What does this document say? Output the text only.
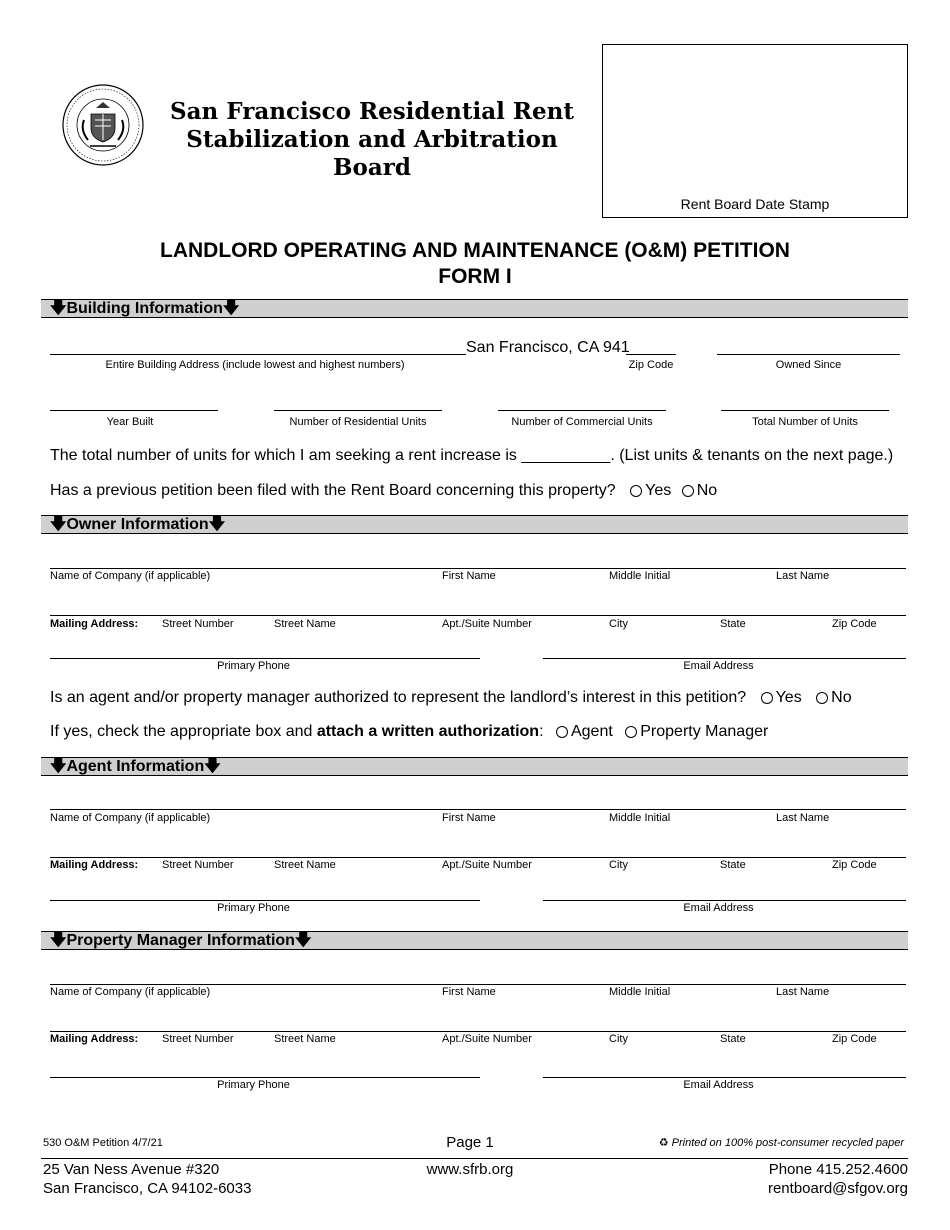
San Francisco Residential Rent
Stabilization and Arbitration Board
Rent Board Date Stamp
LANDLORD OPERATING AND MAINTENANCE (O&M) PETITION
FORM I
🡇Building Information🡇
San Francisco, CA 941
Entire Building Address (include lowest and highest numbers)	Zip Code	Owned Since
Year Built	Number of Residential Units	Number of Commercial Units	Total Number of Units
The total number of units for which I am seeking a rent increase is __________. (List units & tenants on the next page.)
Has a previous petition been filed with the Rent Board concerning this property? Yes No
🡇Owner Information🡇
Name of Company (if applicable)	First Name	Middle Initial	Last Name
Mailing Address: Street Number	Street Name	Apt./Suite Number	City	State	Zip Code
Primary Phone	Email Address
Is an agent and/or property manager authorized to represent the landlord’s interest in this petition? Yes No
If yes, check the appropriate box and attach a written authorization: Agent Property Manager
🡇Agent Information🡇
Name of Company (if applicable)	First Name	Middle Initial	Last Name
Mailing Address: Street Number	Street Name	Apt./Suite Number	City	State	Zip Code
Primary Phone	Email Address
🡇Property Manager Information🡇
Name of Company (if applicable)	First Name	Middle Initial	Last Name
Mailing Address: Street Number	Street Name	Apt./Suite Number	City	State	Zip Code
Primary Phone	Email Address
530 O&M Petition 4/7/21	Page 1	♻ Printed on 100% post-consumer recycled paper
25 Van Ness Avenue #320
San Francisco, CA 94102-6033
www.sfrb.org	Phone 415.252.4600
rentboard@sfgov.org
